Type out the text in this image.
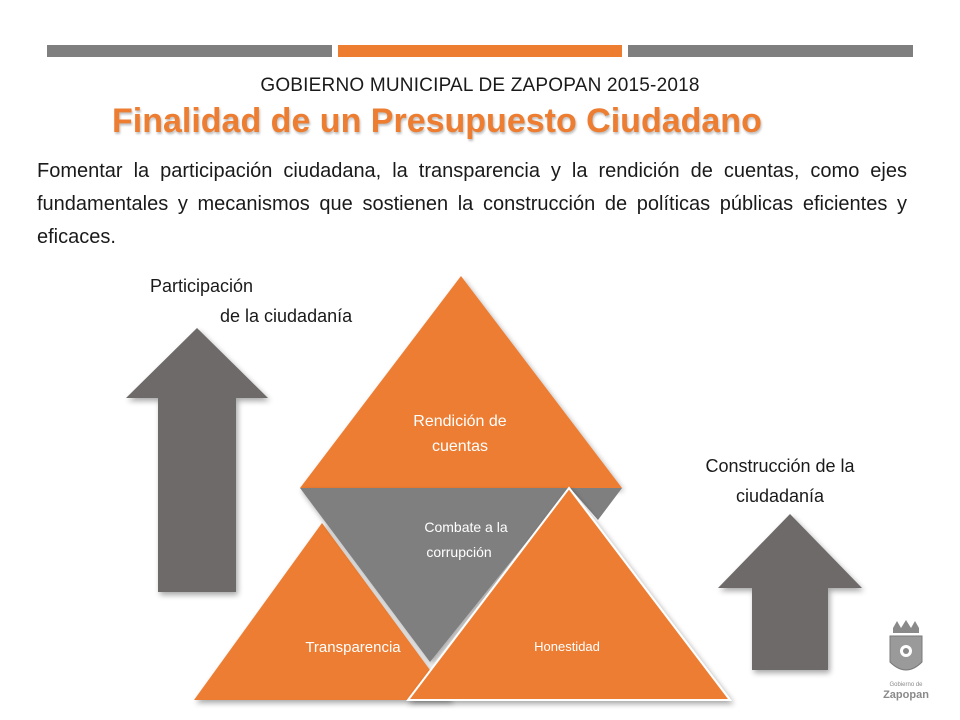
GOBIERNO MUNICIPAL DE ZAPOPAN 2015-2018
Finalidad de un Presupuesto Ciudadano
Fomentar la participación ciudadana, la transparencia y la rendición de cuentas, como ejes fundamentales y mecanismos que sostienen la construcción de políticas públicas eficientes y eficaces.
Participación
de la ciudadanía
Construcción de la ciudadanía
Rendición de
cuentas
Combate a la
corrupción
Transparencia	Honestidad
Gobierno de
Zapopan
